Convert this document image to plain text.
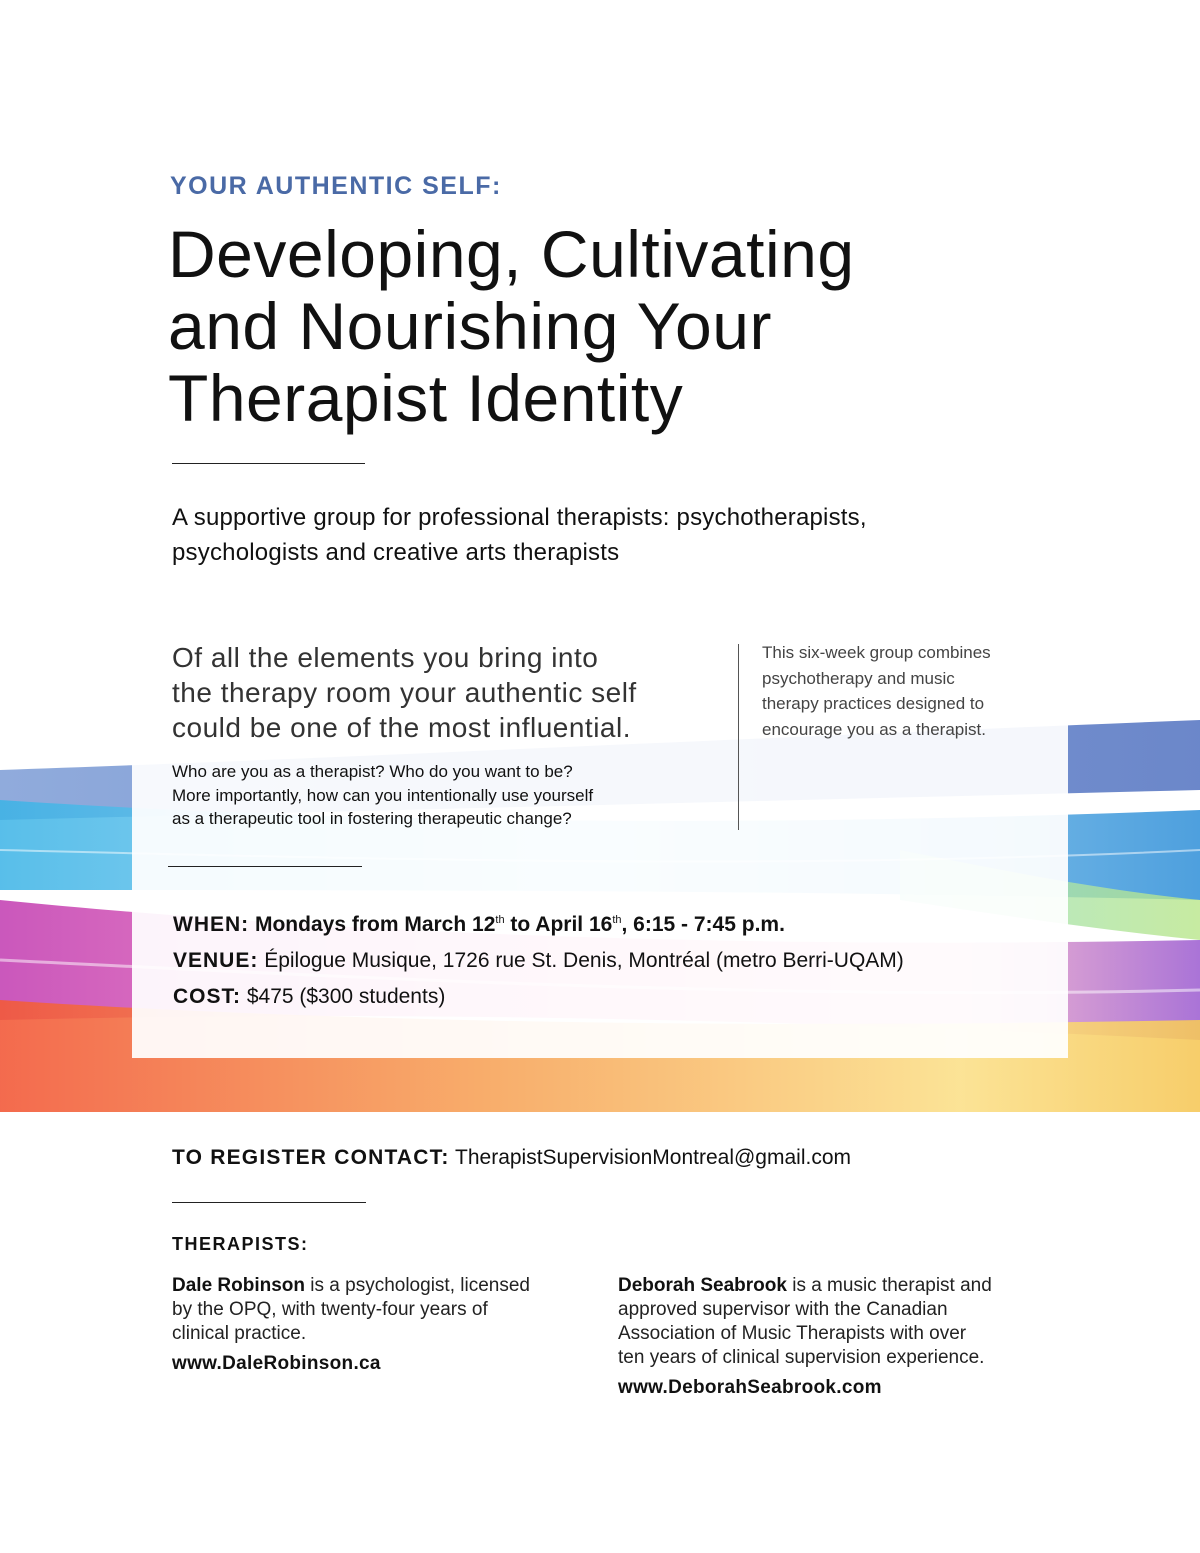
YOUR AUTHENTIC SELF:
Developing, Cultivating
and Nourishing Your
Therapist Identity
A supportive group for professional therapists: psychotherapists,
psychologists and creative arts therapists
Of all the elements you bring into
the therapy room your authentic self
could be one of the most influential.
Who are you as a therapist? Who do you want to be?
More importantly, how can you intentionally use yourself
as a therapeutic tool in fostering therapeutic change?
This six-week group combines
psychotherapy and music
therapy practices designed to
encourage you as a therapist.
WHEN: Mondays from March 12th to April 16th, 6:15 - 7:45 p.m.
VENUE: Épilogue Musique, 1726 rue St. Denis, Montréal (metro Berri-UQAM)
COST: $475 ($300 students)
TO REGISTER CONTACT: TherapistSupervisionMontreal@gmail.com
THERAPISTS:
Dale Robinson is a psychologist, licensed
by the OPQ, with twenty-four years of
clinical practice.
www.DaleRobinson.ca
Deborah Seabrook is a music therapist and
approved supervisor with the Canadian
Association of Music Therapists with over
ten years of clinical supervision experience.
www.DeborahSeabrook.com
